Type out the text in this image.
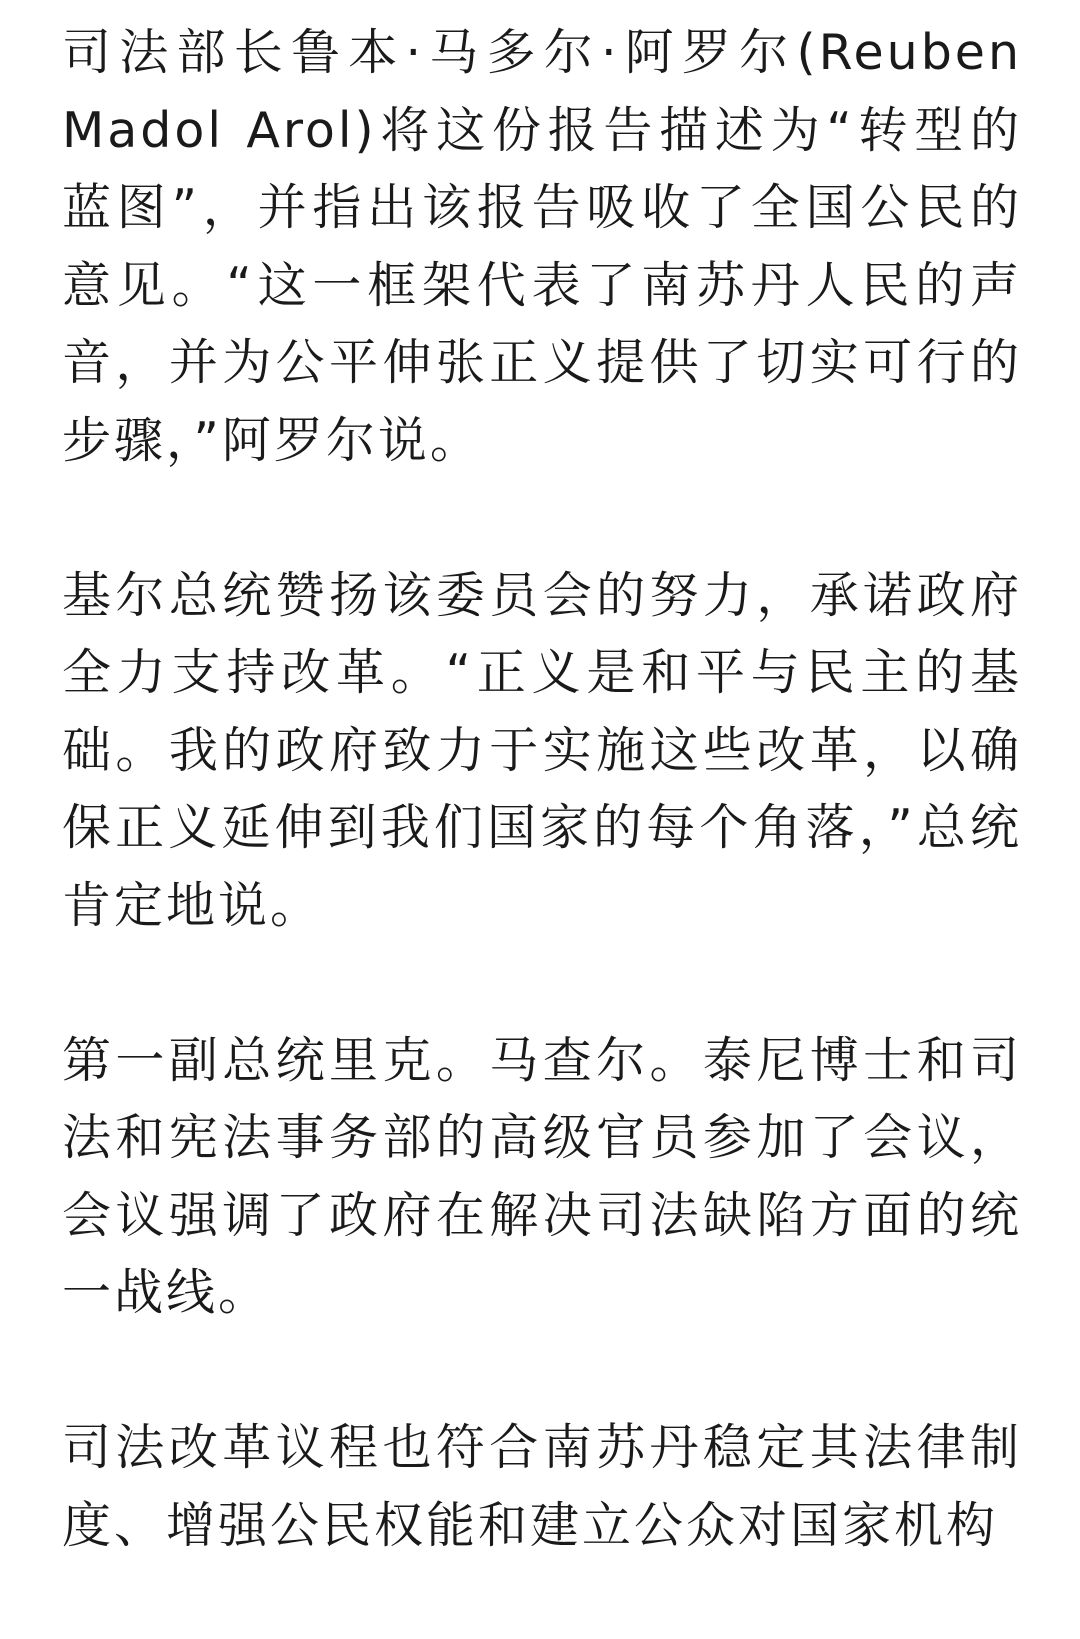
司法部长鲁本·马多尔·阿罗尔(Reuben Madol Arol)将这份报告描述为“转型的蓝图”，并指出该报告吸收了全国公民的意见。“这一框架代表了南苏丹人民的声音，并为公平伸张正义提供了切实可行的步骤，”阿罗尔说。

基尔总统赞扬该委员会的努力，承诺政府全力支持改革。“正义是和平与民主的基础。我的政府致力于实施这些改革，以确保正义延伸到我们国家的每个角落，”总统肯定地说。

第一副总统里克。马查尔。泰尼博士和司法和宪法事务部的高级官员参加了会议，会议强调了政府在解决司法缺陷方面的统一战线。

司法改革议程也符合南苏丹稳定其法律制度、增强公民权能和建立公众对国家机构
